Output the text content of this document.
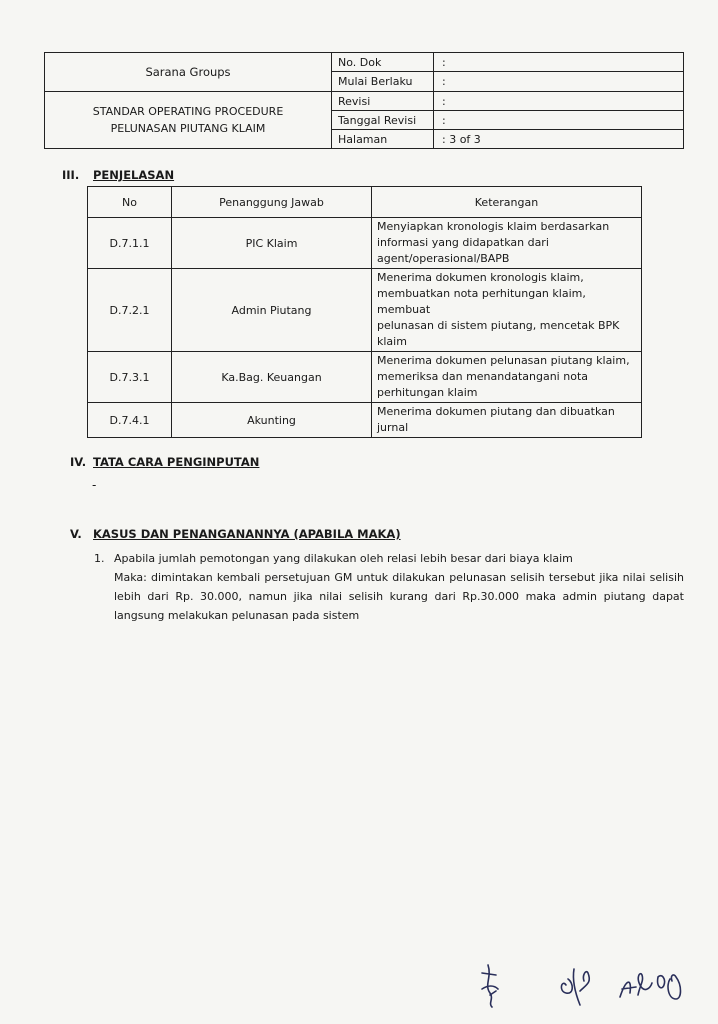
Sarana Groups	No. Dok	:
	Mulai Berlaku	:

STANDAR OPERATING PROCEDURE
PELUNASAN PIUTANG KLAIM	Revisi	:
	Tanggal Revisi	:
	Halaman	: 3 of 3
III. PENJELASAN
No	Penanggung Jawab	Keterangan
D.7.1.1	PIC Klaim	Menyiapkan kronologis klaim berdasarkan
informasi yang didapatkan dari
agent/operasional/BAPB

D.7.2.1	Admin Piutang	Menerima dokumen kronologis klaim,
membuatkan nota perhitungan klaim, membuat
pelunasan di sistem piutang, mencetak BPK
klaim

D.7.3.1	Ka.Bag. Keuangan	Menerima dokumen pelunasan piutang klaim,
memeriksa dan menandatangani nota
perhitungan klaim

D.7.4.1	Akunting	Menerima dokumen piutang dan dibuatkan
jurnal
IV. TATA CARA PENGINPUTAN
-
V. KASUS DAN PENANGANANNYA (APABILA MAKA)
1. Apabila jumlah pemotongan yang dilakukan oleh relasi lebih besar dari biaya klaim

Maka: dimintakan kembali persetujuan GM untuk dilakukan pelunasan selisih tersebut jika nilai selisih lebih dari Rp. 30.000, namun jika nilai selisih kurang dari Rp.30.000 maka admin piutang dapat langsung melakukan pelunasan pada sistem
